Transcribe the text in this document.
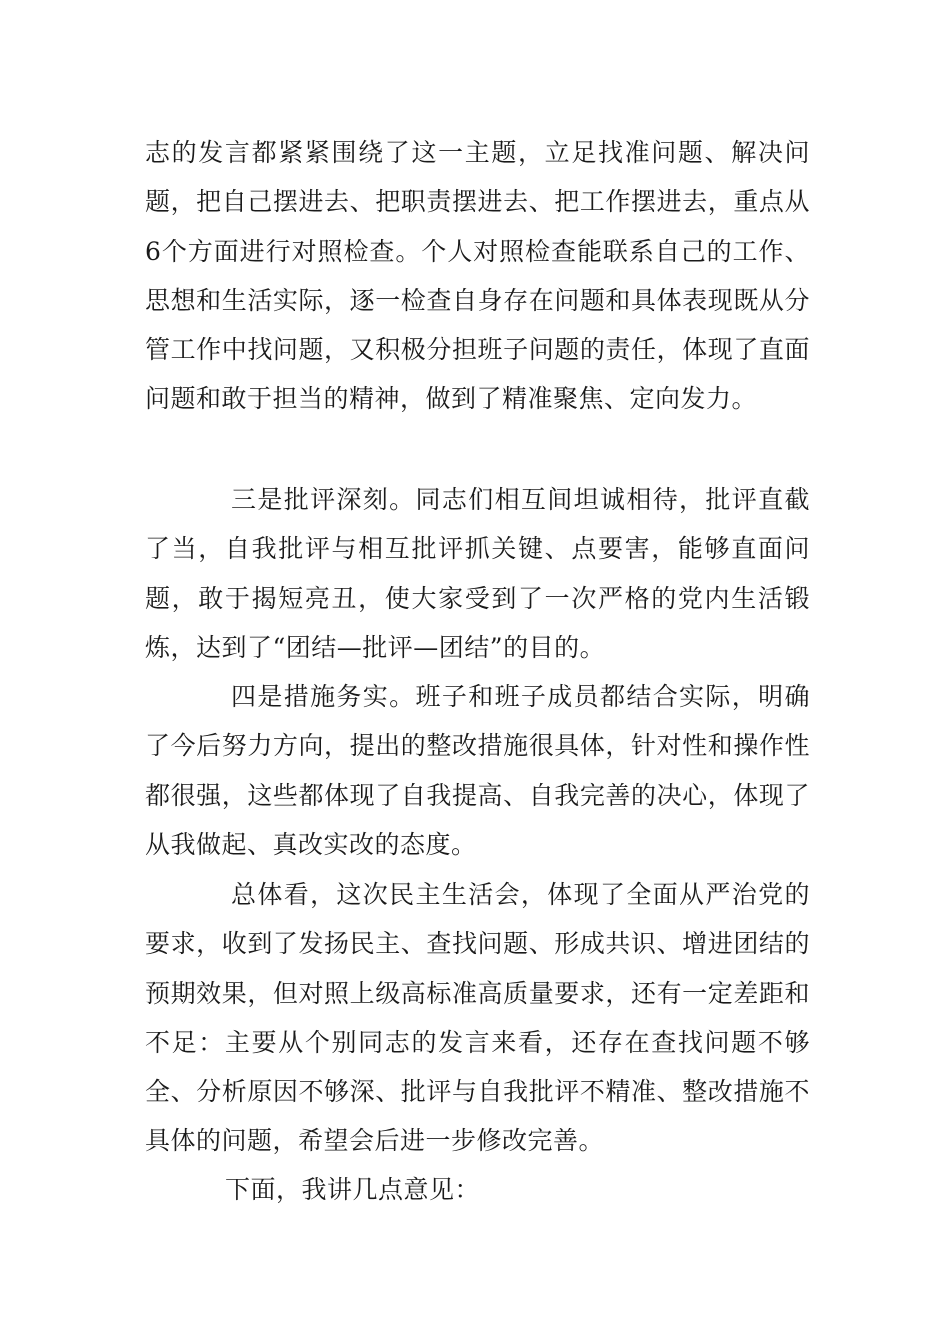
志的发言都紧紧围绕了这一主题，立足找准问题、解决问题，把自己摆进去、把职责摆进去、把工作摆进去，重点从6个方面进行对照检查。个人对照检查能联系自己的工作、思想和生活实际，逐一检查自身存在问题和具体表现既从分管工作中找问题，又积极分担班子问题的责任，体现了直面问题和敢于担当的精神，做到了精准聚焦、定向发力。

三是批评深刻。同志们相互间坦诚相待，批评直截了当，自我批评与相互批评抓关键、点要害，能够直面问题，敢于揭短亮丑，使大家受到了一次严格的党内生活锻炼，达到了“团结—批评—团结”的目的。

四是措施务实。班子和班子成员都结合实际，明确了今后努力方向，提出的整改措施很具体，针对性和操作性都很强，这些都体现了自我提高、自我完善的决心，体现了从我做起、真改实改的态度。

总体看，这次民主生活会，体现了全面从严治党的要求，收到了发扬民主、查找问题、形成共识、增进团结的预期效果，但对照上级高标准高质量要求，还有一定差距和不足：主要从个别同志的发言来看，还存在查找问题不够全、分析原因不够深、批评与自我批评不精准、整改措施不具体的问题，希望会后进一步修改完善。

下面，我讲几点意见：
